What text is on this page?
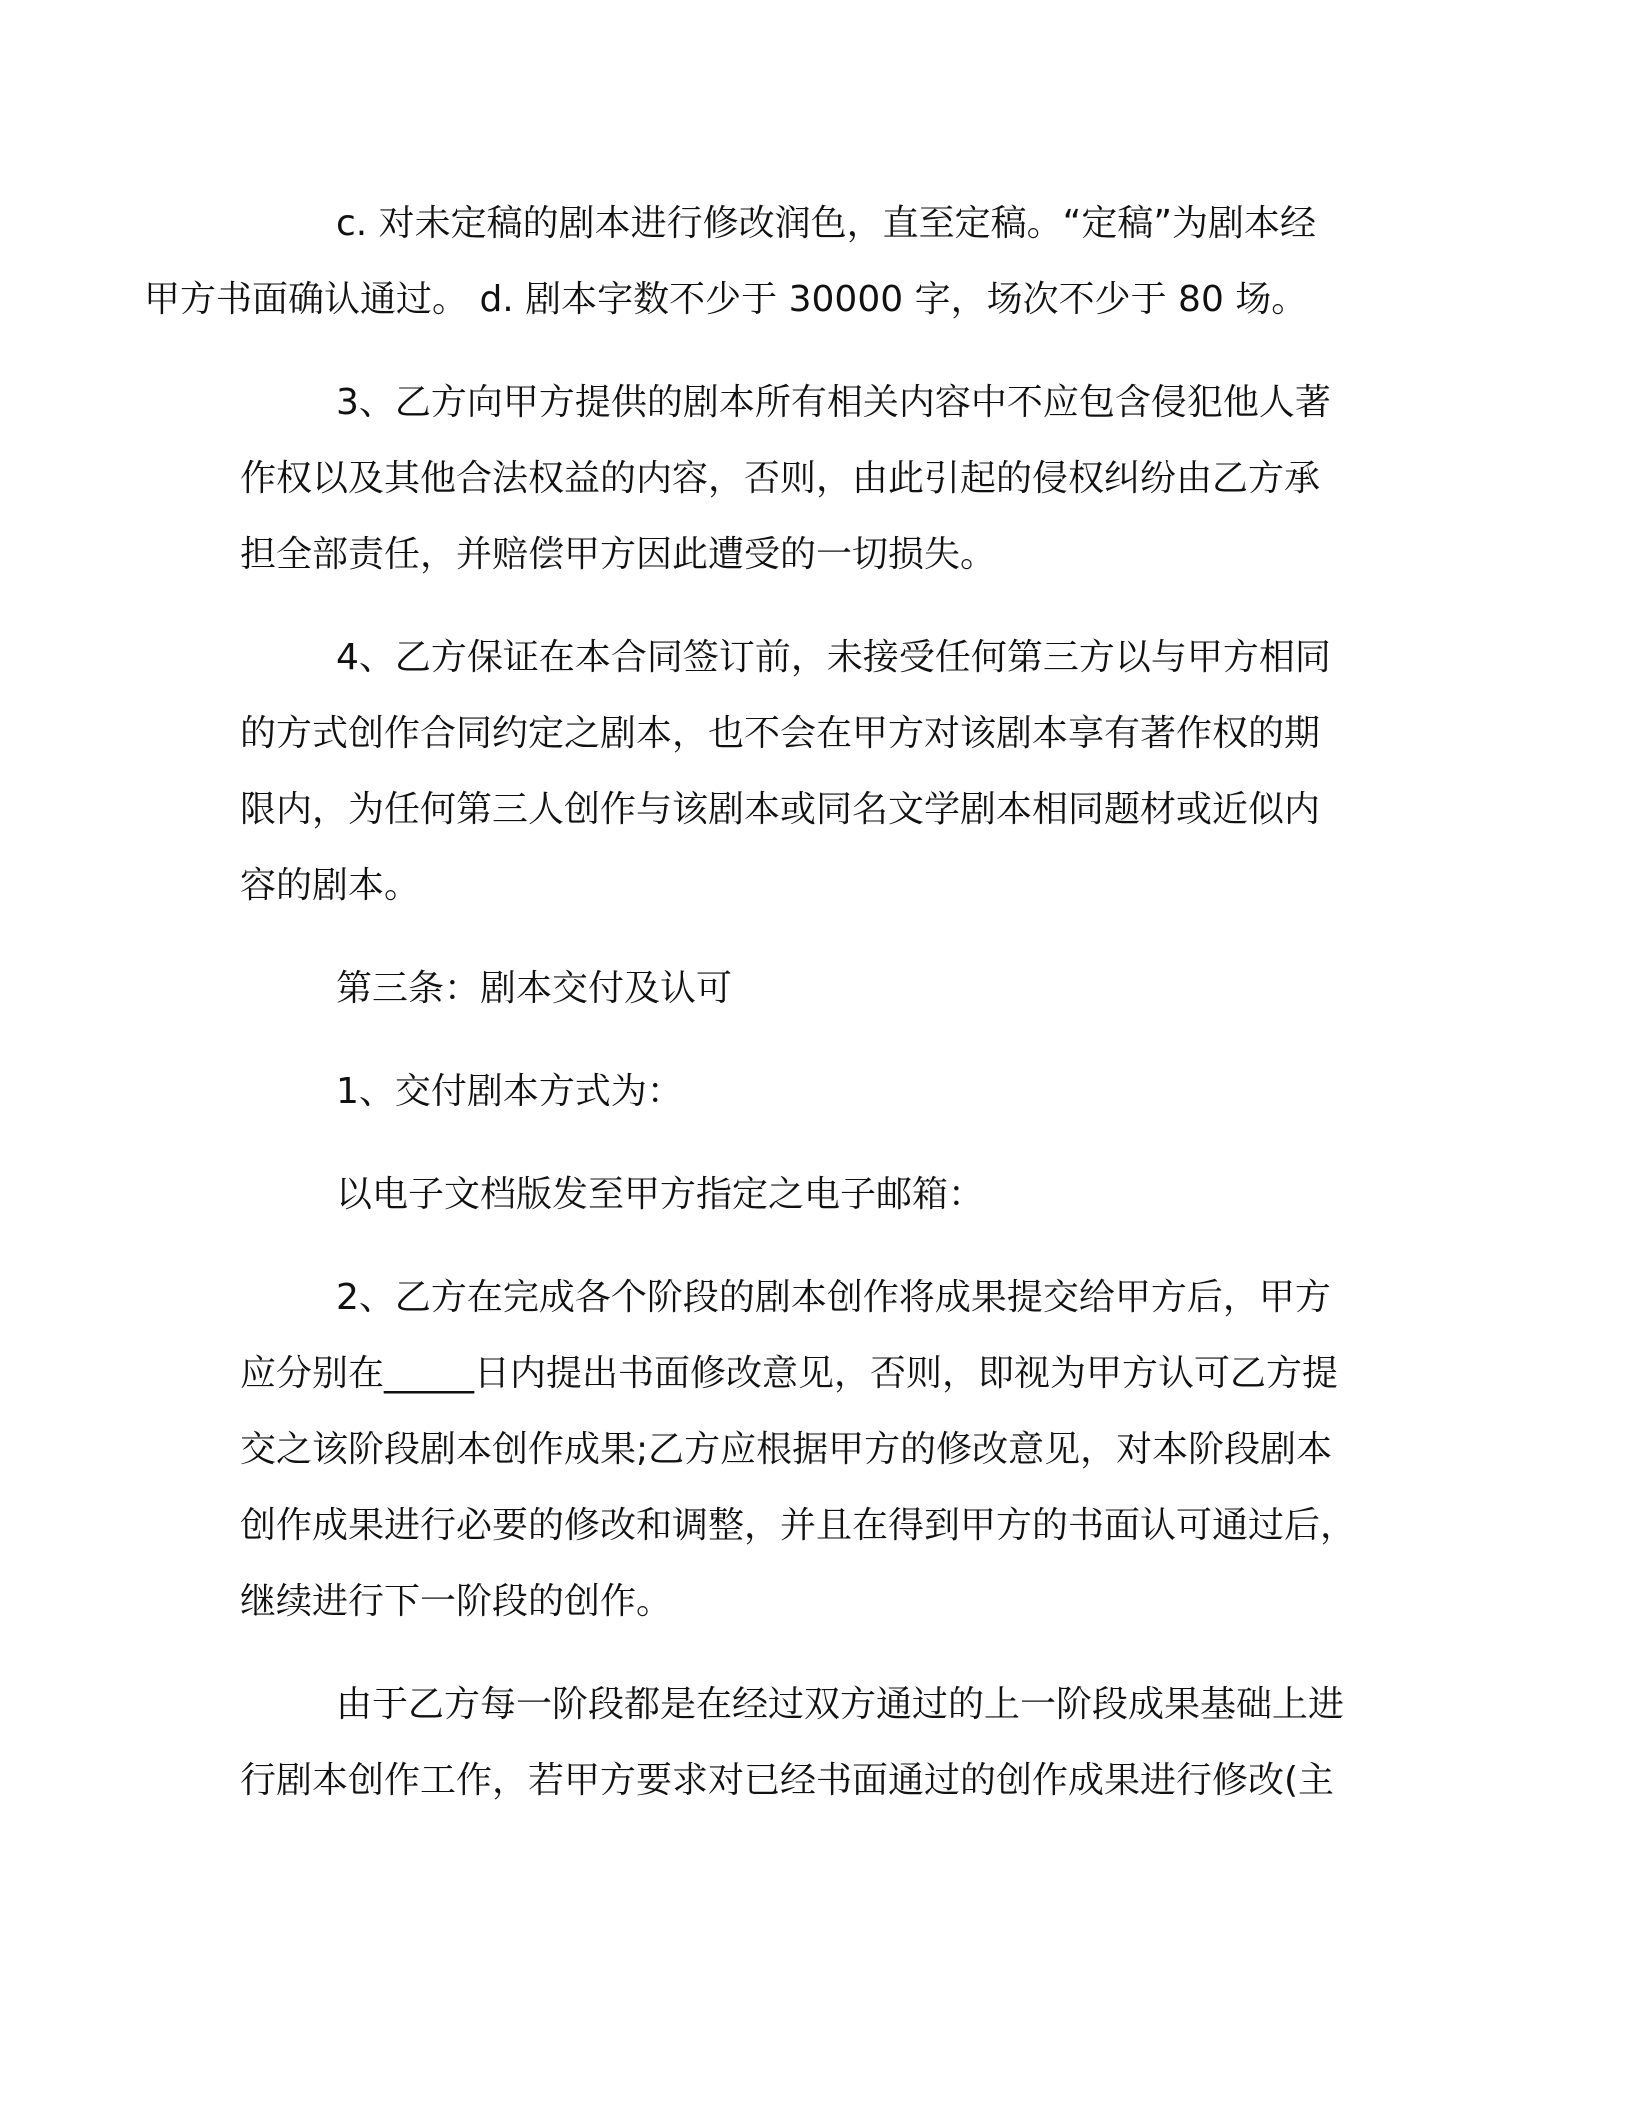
c. 对未定稿的剧本进行修改润色，直至定稿。“定稿”为剧本经
甲方书面确认通过。 d. 剧本字数不少于 30000 字，场次不少于 80 场。

3、乙方向甲方提供的剧本所有相关内容中不应包含侵犯他人著
作权以及其他合法权益的内容，否则，由此引起的侵权纠纷由乙方承
担全部责任，并赔偿甲方因此遭受的一切损失。

4、乙方保证在本合同签订前，未接受任何第三方以与甲方相同
的方式创作合同约定之剧本，也不会在甲方对该剧本享有著作权的期
限内，为任何第三人创作与该剧本或同名文学剧本相同题材或近似内
容的剧本。

第三条：剧本交付及认可

1、交付剧本方式为：

以电子文档版发至甲方指定之电子邮箱：

2、乙方在完成各个阶段的剧本创作将成果提交给甲方后，甲方
应分别在_____日内提出书面修改意见，否则，即视为甲方认可乙方提
交之该阶段剧本创作成果;乙方应根据甲方的修改意见，对本阶段剧本
创作成果进行必要的修改和调整，并且在得到甲方的书面认可通过后，
继续进行下一阶段的创作。

由于乙方每一阶段都是在经过双方通过的上一阶段成果基础上进
行剧本创作工作，若甲方要求对已经书面通过的创作成果进行修改(主
